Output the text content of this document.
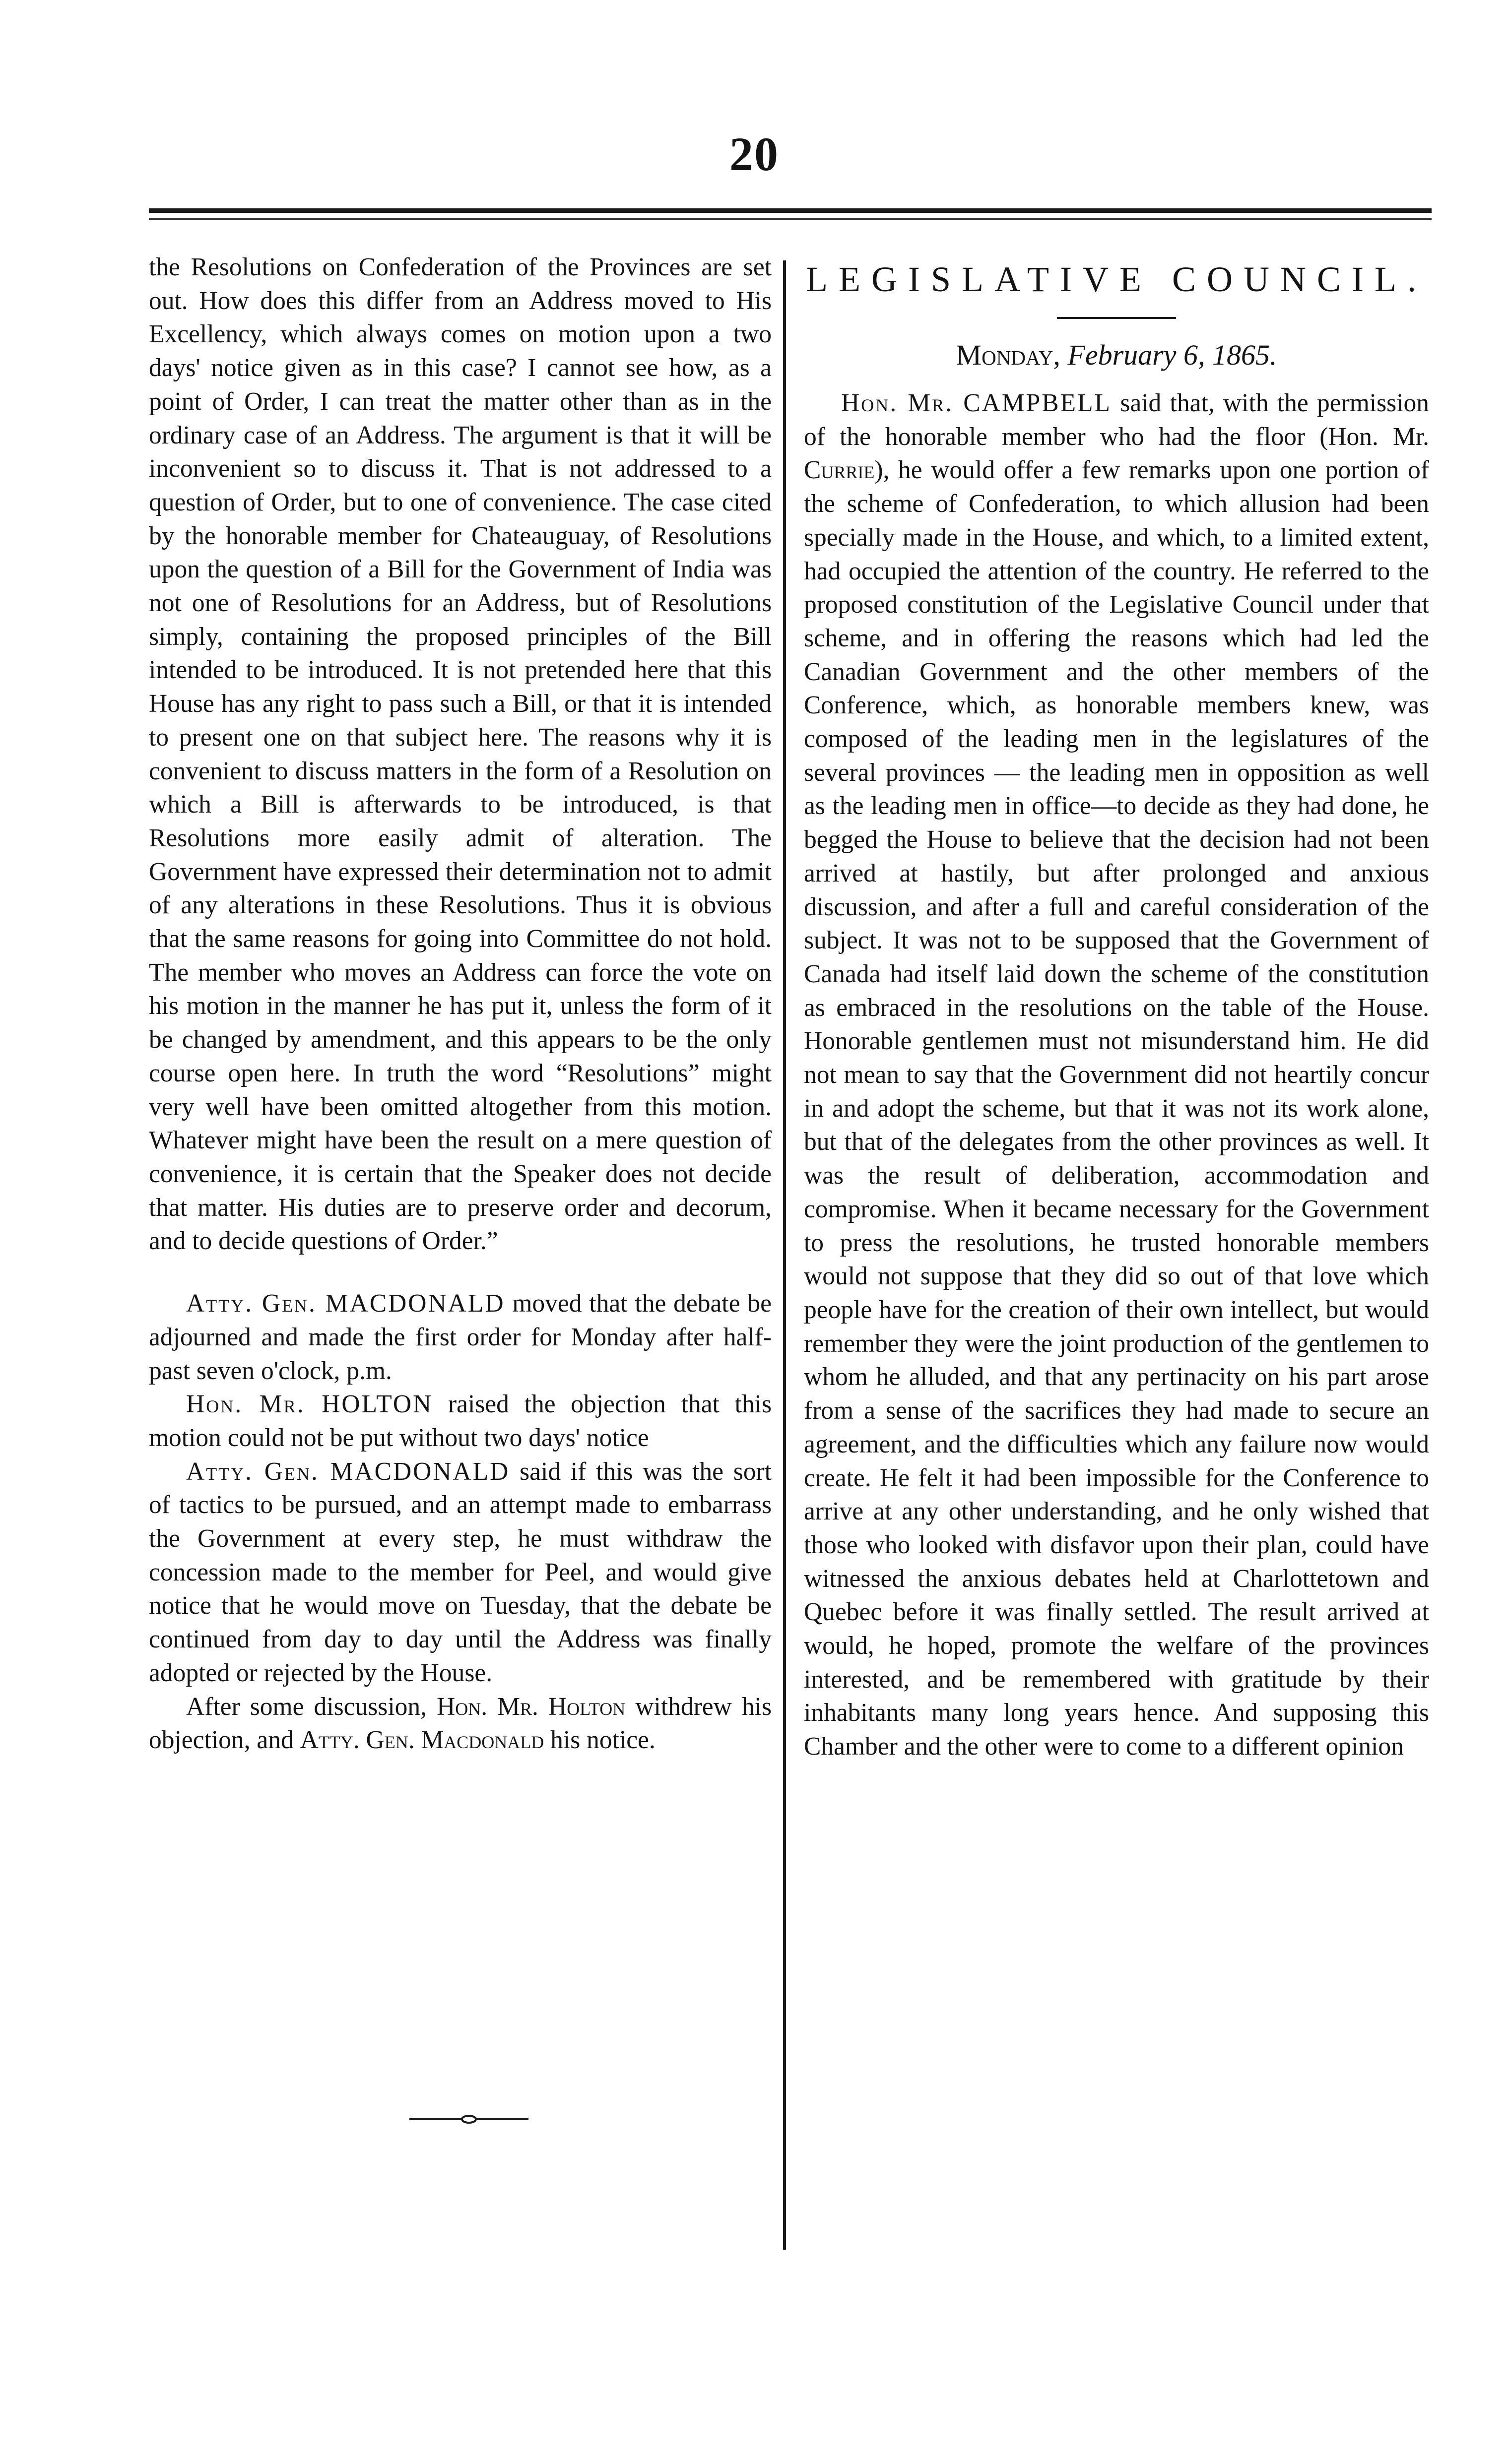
20

the Resolutions on Confederation of the Provinces are set out. How does this differ from an Address moved to His Excellency, which always comes on motion upon a two days' notice given as in this case? I cannot see how, as a point of Order, I can treat the matter other than as in the ordinary case of an Address. The argument is that it will be inconvenient so to discuss it. That is not addressed to a question of Order, but to one of convenience. The case cited by the honorable member for Chateauguay, of Resolutions upon the question of a Bill for the Government of India was not one of Resolutions for an Address, but of Resolutions simply, containing the proposed principles of the Bill intended to be introduced. It is not pretended here that this House has any right to pass such a Bill, or that it is intended to present one on that subject here. The reasons why it is convenient to discuss matters in the form of a Resolution on which a Bill is afterwards to be introduced, is that Resolutions more easily admit of alteration. The Government have expressed their determination not to admit of any alterations in these Resolutions. Thus it is obvious that the same reasons for going into Committee do not hold. The member who moves an Address can force the vote on his motion in the manner he has put it, unless the form of it be changed by amendment, and this appears to be the only course open here. In truth the word “Resolutions” might very well have been omitted altogether from this motion. Whatever might have been the result on a mere question of convenience, it is certain that the Speaker does not decide that matter. His duties are to preserve order and decorum, and to decide questions of Order.”

Atty. Gen. MACDONALD moved that the debate be adjourned and made the first order for Monday after half-past seven o'clock, p.m.

Hon. Mr. HOLTON raised the objection that this motion could not be put without two days' notice

Atty. Gen. MACDONALD said if this was the sort of tactics to be pursued, and an attempt made to embarrass the Government at every step, he must withdraw the concession made to the member for Peel, and would give notice that he would move on Tuesday, that the debate be continued from day to day until the Address was finally adopted or rejected by the House.

After some discussion, Hon. Mr. Holton withdrew his objection, and Atty. Gen. Macdonald his notice.

LEGISLATIVE COUNCIL.
Monday, February 6, 1865.

Hon. Mr. CAMPBELL said that, with the permission of the honorable member who had the floor (Hon. Mr. Currie), he would offer a few remarks upon one portion of the scheme of Confederation, to which allusion had been specially made in the House, and which, to a limited extent, had occupied the attention of the country. He referred to the proposed constitution of the Legislative Council under that scheme, and in offering the reasons which had led the Canadian Government and the other members of the Conference, which, as honorable members knew, was composed of the leading men in the legislatures of the several provinces — the leading men in opposition as well as the leading men in office—to decide as they had done, he begged the House to believe that the decision had not been arrived at hastily, but after prolonged and anxious discussion, and after a full and careful consideration of the subject. It was not to be supposed that the Government of Canada had itself laid down the scheme of the constitution as embraced in the resolutions on the table of the House. Honorable gentlemen must not misunderstand him. He did not mean to say that the Government did not heartily concur in and adopt the scheme, but that it was not its work alone, but that of the delegates from the other provinces as well. It was the result of deliberation, accommodation and compromise. When it became necessary for the Government to press the resolutions, he trusted honorable members would not suppose that they did so out of that love which people have for the creation of their own intellect, but would remember they were the joint production of the gentlemen to whom he alluded, and that any pertinacity on his part arose from a sense of the sacrifices they had made to secure an agreement, and the difficulties which any failure now would create. He felt it had been impossible for the Conference to arrive at any other understanding, and he only wished that those who looked with disfavor upon their plan, could have witnessed the anxious debates held at Charlottetown and Quebec before it was finally settled. The result arrived at would, he hoped, promote the welfare of the provinces interested, and be remembered with gratitude by their inhabitants many long years hence. And supposing this Chamber and the other were to come to a different opinion
